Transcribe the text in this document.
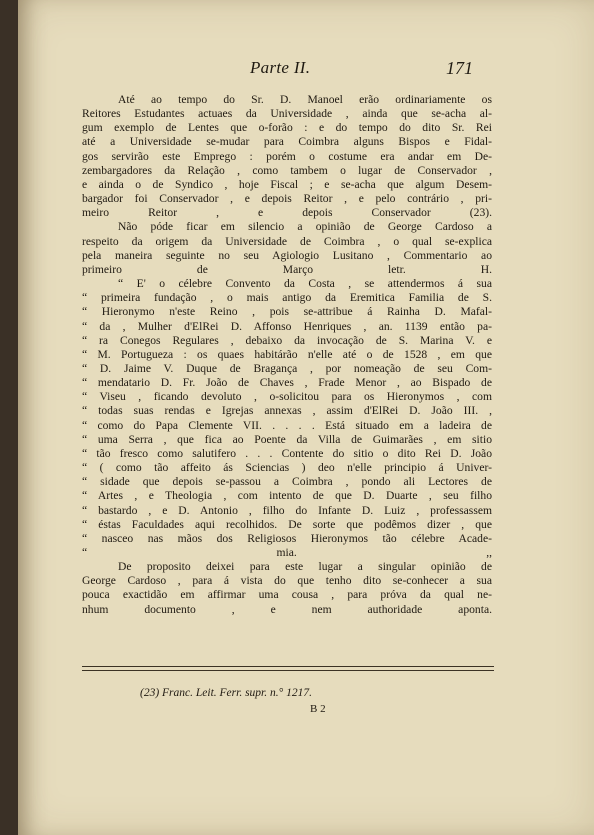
Parte II.	171

Até ao tempo do Sr. D. Manoel erão ordinariamente os
Reitores Estudantes actuaes da Universidade , ainda que se-acha al-
gum exemplo de Lentes que o-forão : e do tempo do dito Sr. Rei
até a Universidade se-mudar para Coimbra alguns Bispos e Fidal-
gos servirão este Emprego : porém o costume era andar em De-
zembargadores da Relação , como tambem o lugar de Conservador ,
e ainda o de Syndico , hoje Fiscal ; e se-acha que algum Desem-
bargador foi Conservador , e depois Reitor , e pelo contrário , pri-
meiro Reitor , e depois Conservador (23).

Não póde ficar em silencio a opinião de George Cardoso a
respeito da origem da Universidade de Coimbra , o qual se-explica
pela maneira seguinte no seu Agiologio Lusitano , Commentario ao
primeiro de Março letr. H.

“ E' o célebre Convento da Costa , se attendermos á sua
“ primeira fundação , o mais antigo da Eremitica Familia de S.
“ Hieronymo n'este Reino , pois se-attribue á Rainha D. Mafal-
“ da , Mulher d'ElRei D. Affonso Henriques , an. 1139 então pa-
“ ra Conegos Regulares , debaixo da invocação de S. Marina V. e
“ M. Portugueza : os quaes habitárão n'elle até o de 1528 , em que
“ D. Jaime V. Duque de Bragança , por nomeação de seu Com-
“ mendatario D. Fr. João de Chaves , Frade Menor , ao Bispado de
“ Viseu , ficando devoluto , o-solicitou para os Hieronymos , com
“ todas suas rendas e Igrejas annexas , assim d'ElRei D. João III. ,
“ como do Papa Clemente VII. . . . . Está situado em a ladeira de
“ uma Serra , que fica ao Poente da Villa de Guimarães , em sitio
“ tão fresco como salutifero . . . Contente do sitio o dito Rei D. João
“ ( como tão affeito ás Sciencias ) deo n'elle principio á Univer-
“ sidade que depois se-passou a Coimbra , pondo ali Lectores de
“ Artes , e Theologia , com intento de que D. Duarte , seu filho
“ bastardo , e D. Antonio , filho do Infante D. Luiz , professassem
“ éstas Faculdades aqui recolhidos. De sorte que podêmos dizer , que
“ nasceo nas mãos dos Religiosos Hieronymos tão célebre Acade-
“ mia. ,,

De proposito deixei para este lugar a singular opinião de
George Cardoso , para á vista do que tenho dito se-conhecer a sua
pouca exactidão em affirmar uma cousa , para próva da qual ne-
nhum documento , e nem authoridade aponta.

(23) Franc. Leit. Ferr. supr. n.° 1217.
B 2
